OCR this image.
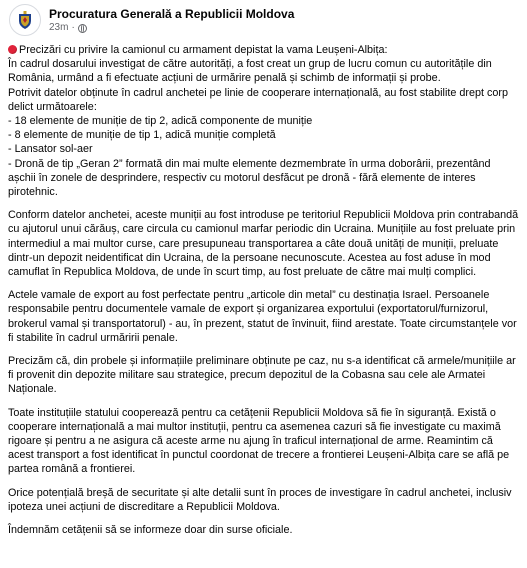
Procuratura Generală a Republicii Moldova
23m ·

Precizări cu privire la camionul cu armament depistat la vama Leușeni-Albița:
În cadrul dosarului investigat de către autorități, a fost creat un grup de lucru comun cu autoritățile din România, urmând a fi efectuate acțiuni de urmărire penală și schimb de informații și probe.
Potrivit datelor obținute în cadrul anchetei pe linie de cooperare internațională, au fost stabilite drept corp delict următoarele:
- 18 elemente de muniție de tip 2, adică componente de muniție
- 8 elemente de muniție de tip 1, adică muniție completă
- Lansator sol-aer
- Dronă de tip „Geran 2” formată din mai multe elemente dezmembrate în urma doborârii, prezentând așchii în zonele de desprindere, respectiv cu motorul desfăcut pe dronă - fără elemente de interes pirotehnic.

Conform datelor anchetei, aceste muniții au fost introduse pe teritoriul Republicii Moldova prin contrabandă cu ajutorul unui cărăuș, care circula cu camionul marfar periodic din Ucraina. Munițiile au fost preluate prin intermediul a mai multor curse, care presupuneau transportarea a câte două unități de muniții, preluate dintr-un depozit neidentificat din Ucraina, de la persoane necunoscute. Acestea au fost aduse în mod camuflat în Republica Moldova, de unde în scurt timp, au fost preluate de către mai mulți complici.

Actele vamale de export au fost perfectate pentru „articole din metal” cu destinația Israel. Persoanele responsabile pentru documentele vamale de export și organizarea exportului (exportatorul/furnizorul, brokerul vamal și transportatorul) - au, în prezent, statut de învinuit, fiind arestate. Toate circumstanțele vor fi stabilite în cadrul urmăririi penale.

Precizăm că, din probele și informațiile preliminare obținute pe caz, nu s-a identificat că armele/munițiile ar fi provenit din depozite militare sau strategice, precum depozitul de la Cobasna sau cele ale Armatei Naționale.

Toate instituțiile statului cooperează pentru ca cetățenii Republicii Moldova să fie în siguranță. Există o cooperare internațională a mai multor instituții, pentru ca asemenea cazuri să fie investigate cu maximă rigoare și pentru a ne asigura că aceste arme nu ajung în traficul internațional de arme. Reamintim că acest transport a fost identificat în punctul coordonat de trecere a frontierei Leușeni-Albița care se află pe partea română a frontierei.

Orice potențială breșă de securitate și alte detalii sunt în proces de investigare în cadrul anchetei, inclusiv ipoteza unei acțiuni de discreditare a Republicii Moldova.

Îndemnăm cetățenii să se informeze doar din surse oficiale.
